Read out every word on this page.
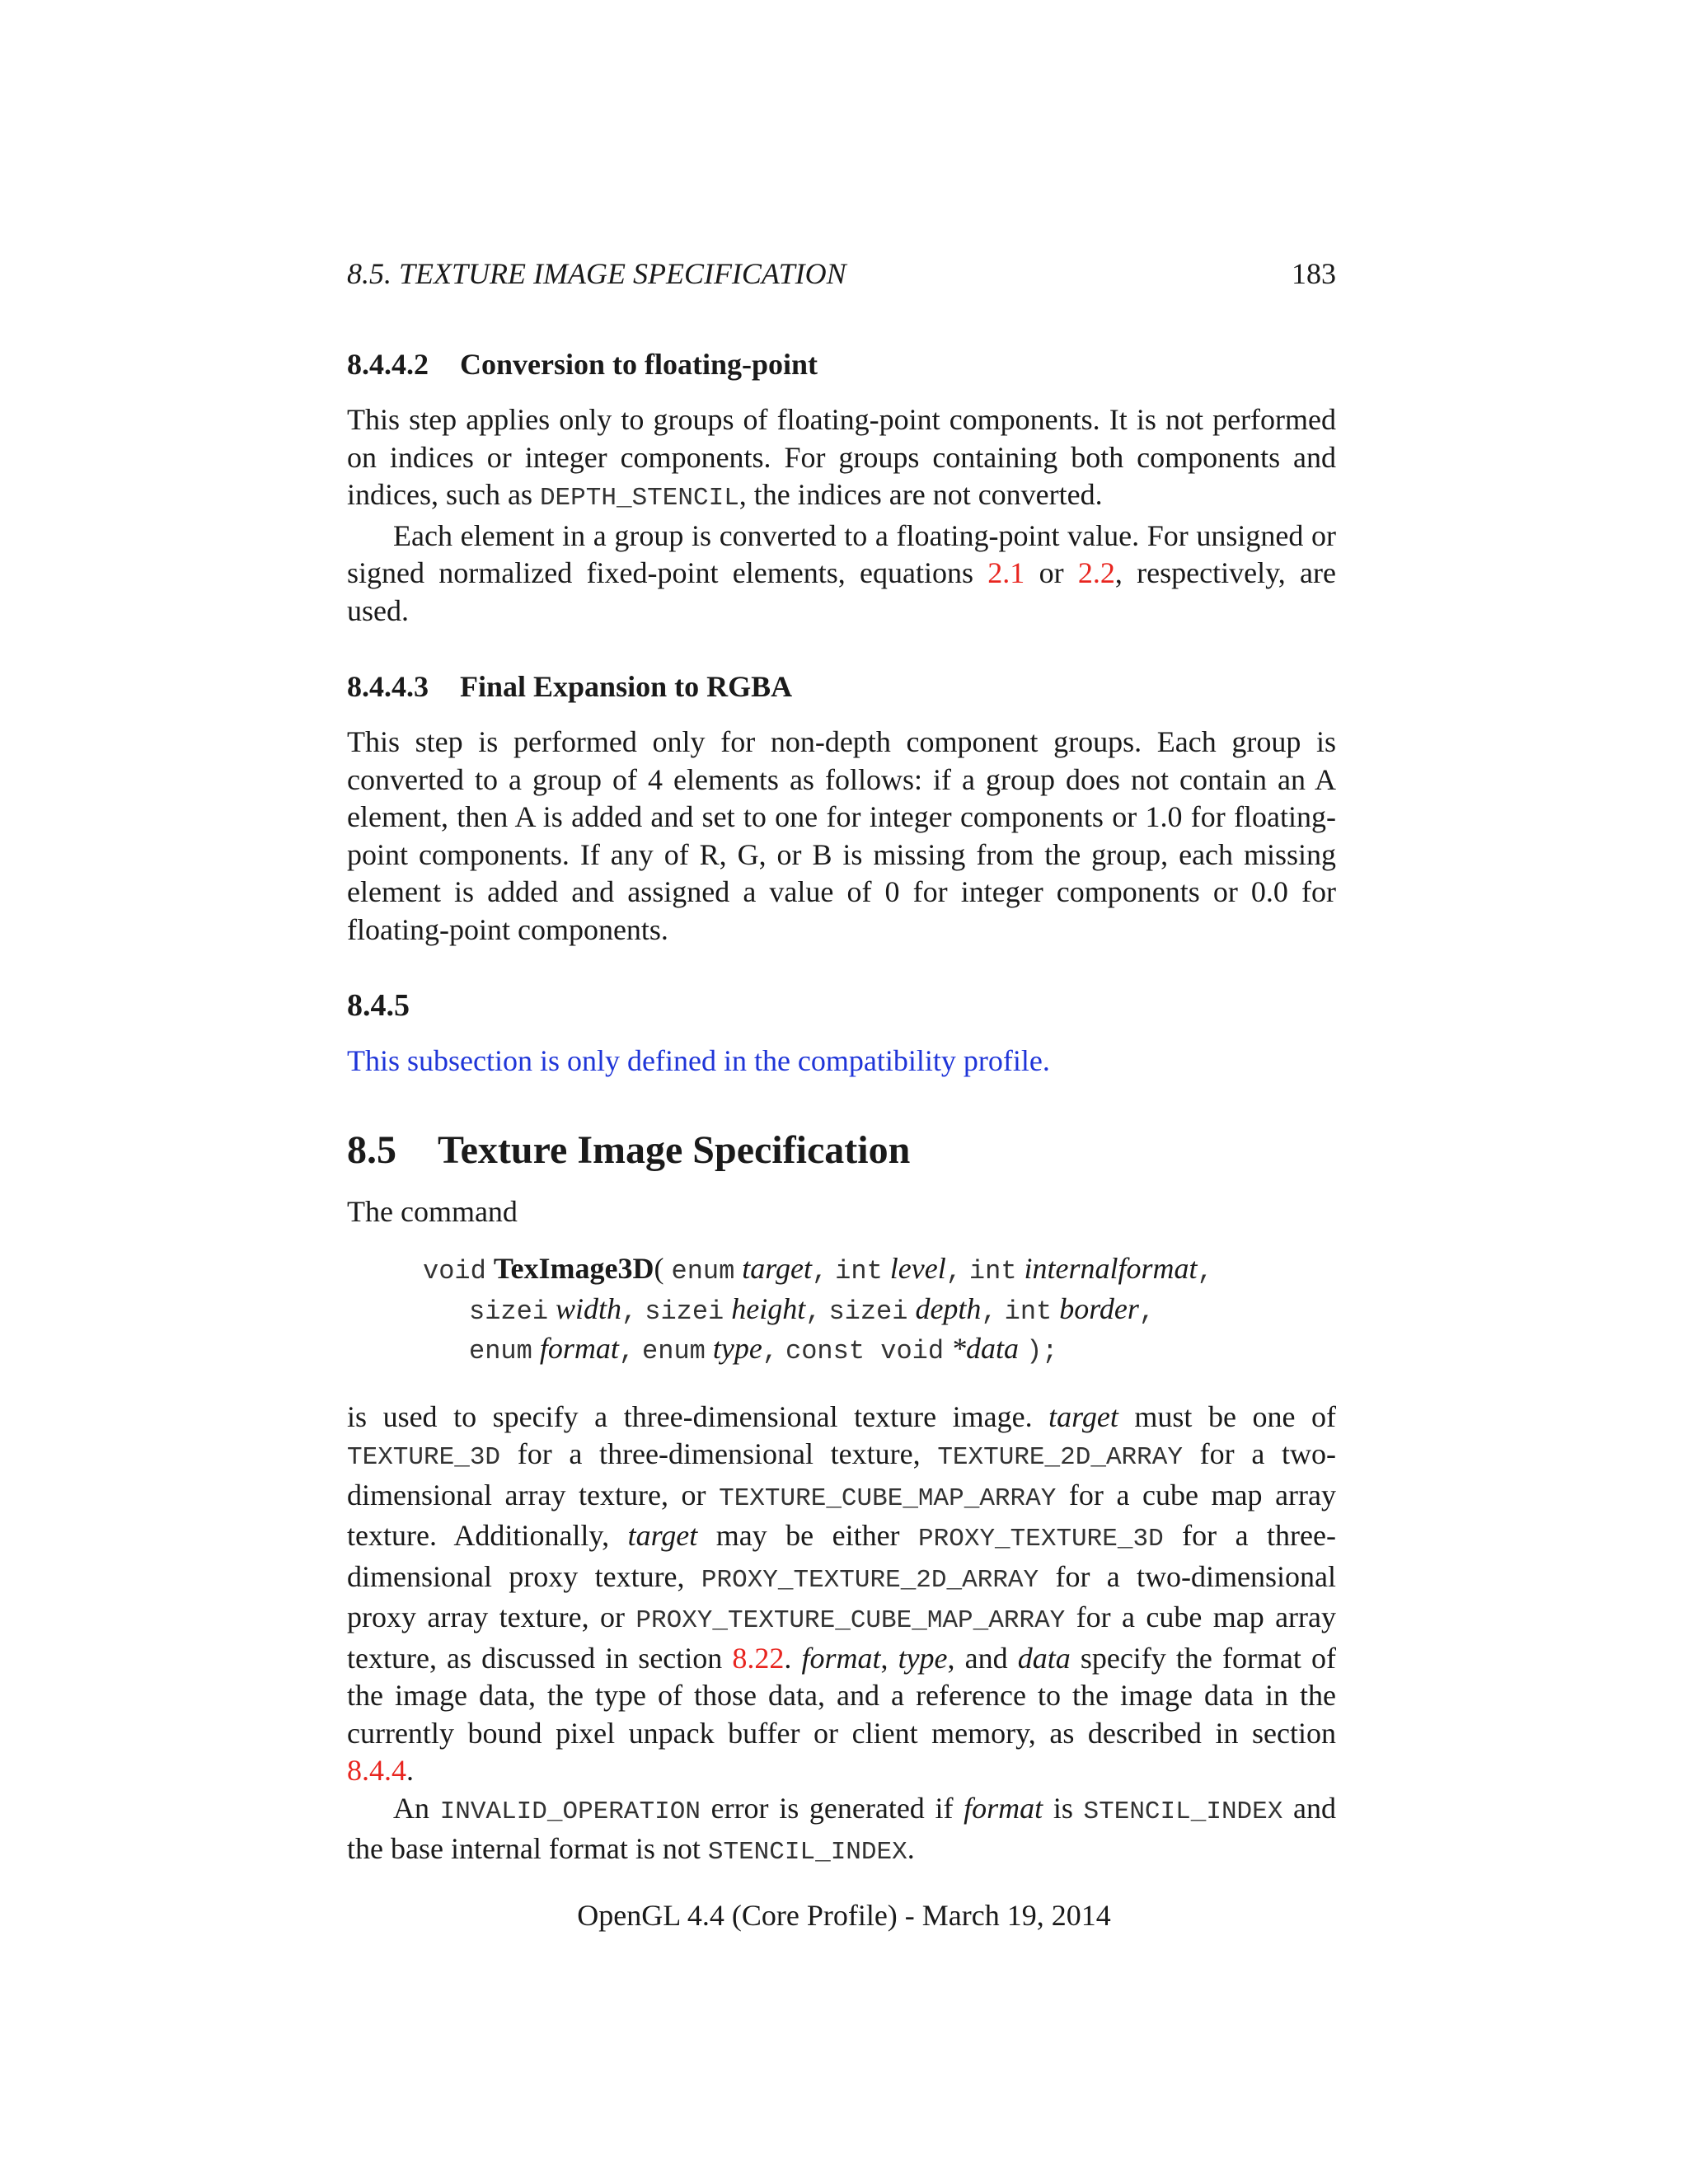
8.5. TEXTURE IMAGE SPECIFICATION	183
8.4.4.2 Conversion to floating-point

This step applies only to groups of floating-point components. It is not performed on indices or integer components. For groups containing both components and indices, such as DEPTH_STENCIL, the indices are not converted.

Each element in a group is converted to a floating-point value. For unsigned or signed normalized fixed-point elements, equations 2.1 or 2.2, respectively, are used.

8.4.4.3 Final Expansion to RGBA

This step is performed only for non-depth component groups. Each group is converted to a group of 4 elements as follows: if a group does not contain an A element, then A is added and set to one for integer components or 1.0 for floating-point components. If any of R, G, or B is missing from the group, each missing element is added and assigned a value of 0 for integer components or 0.0 for floating-point components.

8.4.5

This subsection is only defined in the compatibility profile.

8.5 Texture Image Specification

The command

void TexImage3D( enum target, int level, int internalformat,
sizei width, sizei height, sizei depth, int border,
enum format, enum type, const void *data );

is used to specify a three-dimensional texture image. target must be one of TEXTURE_3D for a three-dimensional texture, TEXTURE_2D_ARRAY for a two-dimensional array texture, or TEXTURE_CUBE_MAP_ARRAY for a cube map array texture. Additionally, target may be either PROXY_TEXTURE_3D for a three-dimensional proxy texture, PROXY_TEXTURE_2D_ARRAY for a two-dimensional proxy array texture, or PROXY_TEXTURE_CUBE_MAP_ARRAY for a cube map array texture, as discussed in section 8.22. format, type, and data specify the format of the image data, the type of those data, and a reference to the image data in the currently bound pixel unpack buffer or client memory, as described in section 8.4.4.

An INVALID_OPERATION error is generated if format is STENCIL_INDEX and the base internal format is not STENCIL_INDEX.

OpenGL 4.4 (Core Profile) - March 19, 2014
